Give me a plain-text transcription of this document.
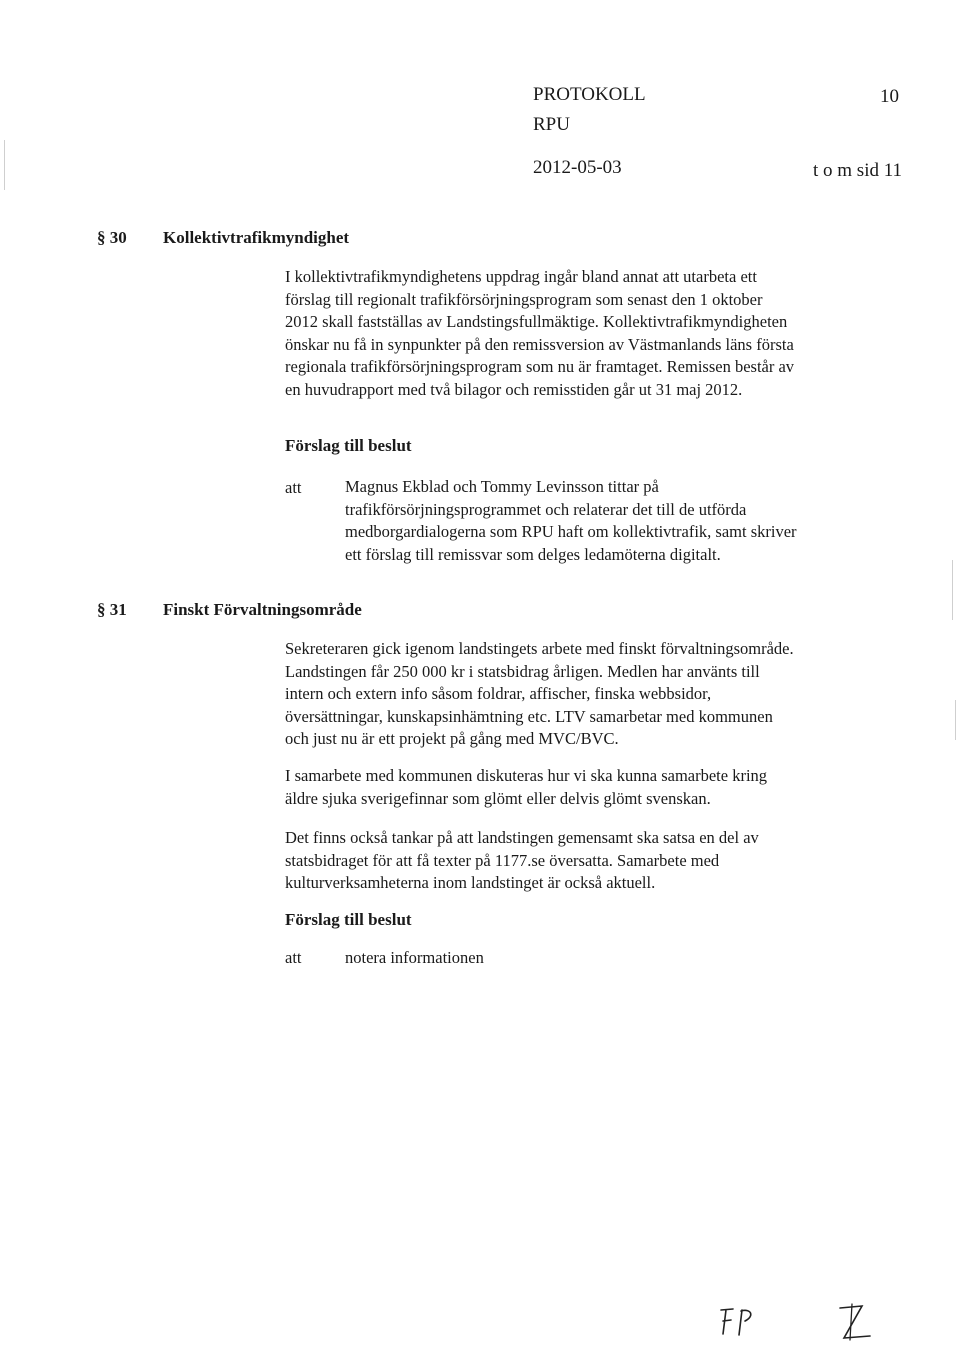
PROTOKOLL	10
RPU
2012-05-03	t o m sid 11
§ 30 Kollektivtrafikmyndighet
I kollektivtrafikmyndighetens uppdrag ingår bland annat att utarbeta ett
förslag till regionalt trafikförsörjningsprogram som senast den 1 oktober
2012 skall fastställas av Landstingsfullmäktige. Kollektivtrafikmyndigheten
önskar nu få in synpunkter på den remissversion av Västmanlands läns första
regionala trafikförsörjningsprogram som nu är framtaget. Remissen består av
en huvudrapport med två bilagor och remisstiden går ut 31 maj 2012.
Förslag till beslut
att	Magnus Ekblad och Tommy Levinsson tittar på
trafikförsörjningsprogrammet och relaterar det till de utförda
medborgardialogerna som RPU haft om kollektivtrafik, samt skriver
ett förslag till remissvar som delges ledamöterna digitalt.
§ 31 Finskt Förvaltningsområde
Sekreteraren gick igenom landstingets arbete med finskt förvaltningsområde.
Landstingen får 250 000 kr i statsbidrag årligen. Medlen har använts till
intern och extern info såsom foldrar, affischer, finska webbsidor,
översättningar, kunskapsinhämtning etc. LTV samarbetar med kommunen
och just nu är ett projekt på gång med MVC/BVC.
I samarbete med kommunen diskuteras hur vi ska kunna samarbete kring
äldre sjuka sverigefinnar som glömt eller delvis glömt svenskan.
Det finns också tankar på att landstingen gemensamt ska satsa en del av
statsbidraget för att få texter på 1177.se översatta. Samarbete med
kulturverksamheterna inom landstinget är också aktuell.
Förslag till beslut
att	notera informationen
